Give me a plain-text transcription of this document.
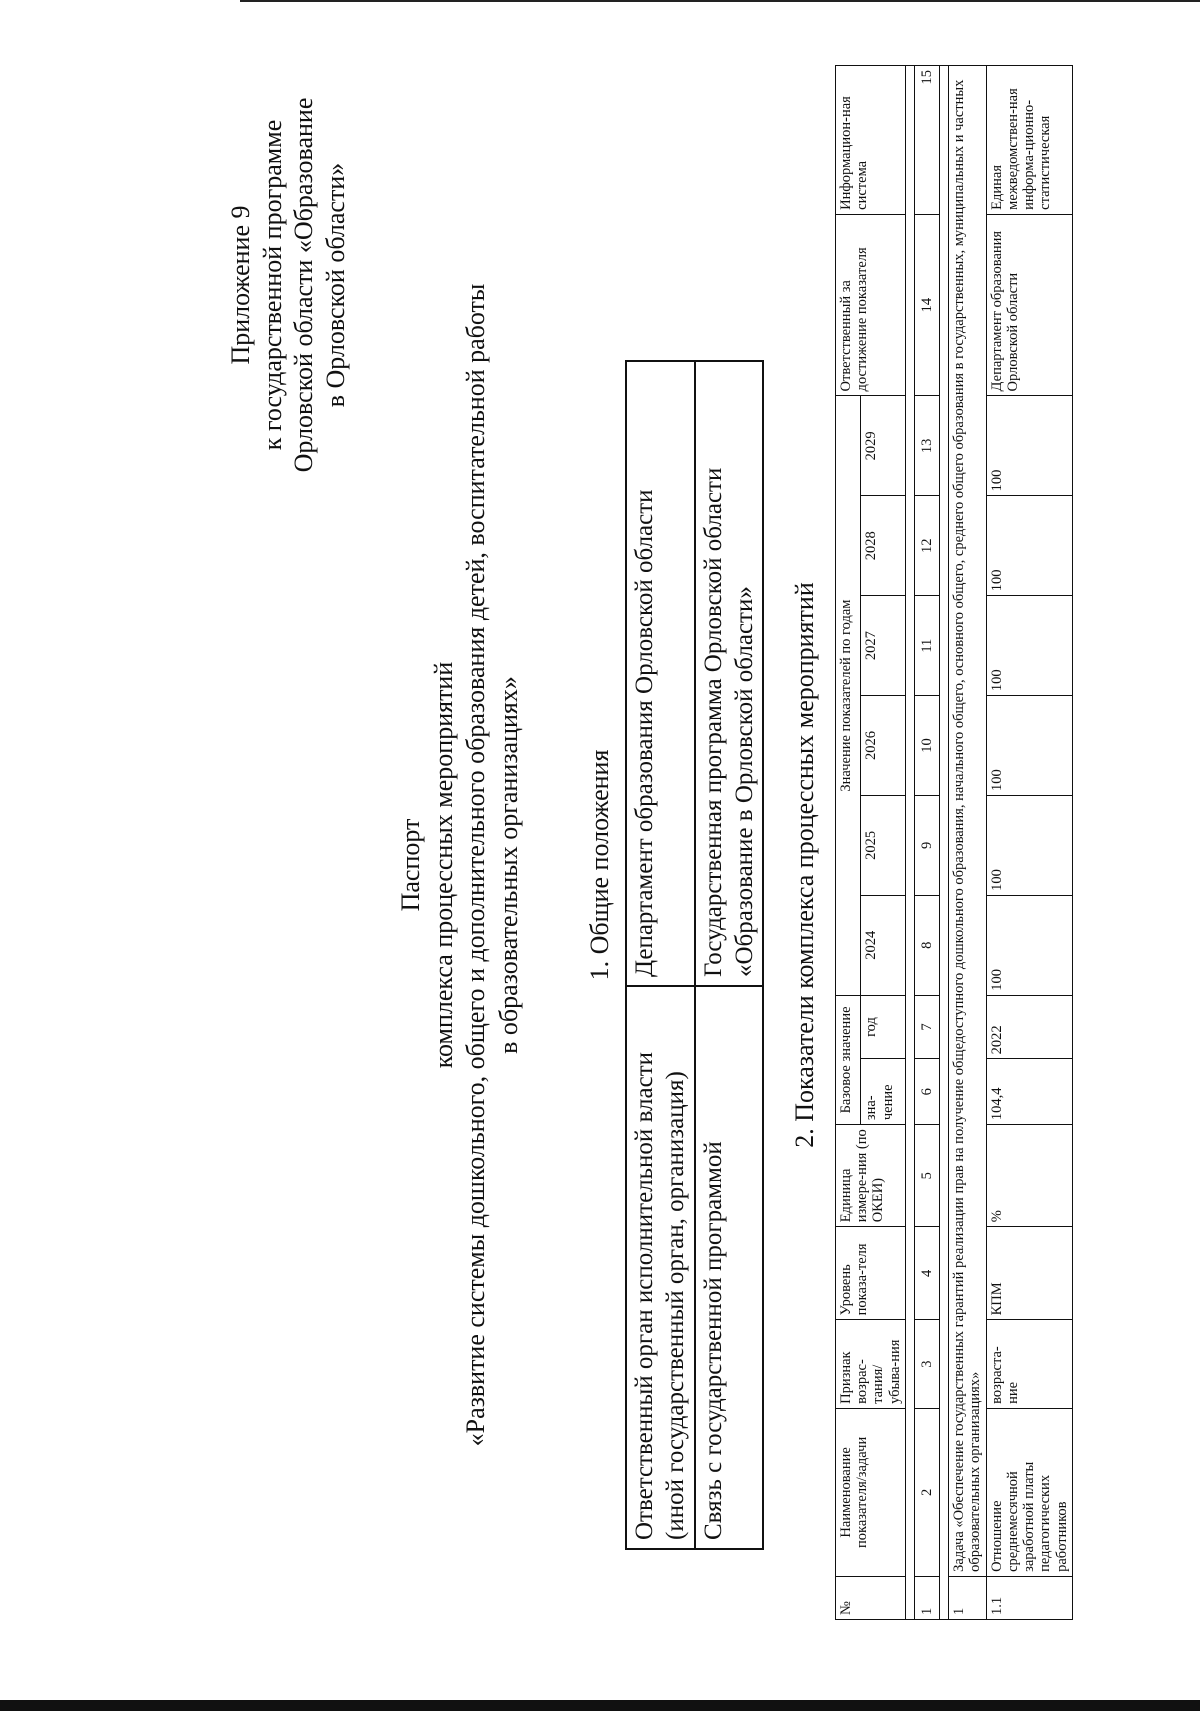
Приложение 9 к государственной программе Орловской области «Образование в Орловской области»
Паспорт комплекса процессных мероприятий «Развитие системы дошкольного, общего и дополнительного образования детей, воспитательной работы в образовательных организациях» 1. Общие положения
Ответственный орган исполнительной власти (иной государственный орган, организация)	Департамент образования Орловской области
Связь с государственной программой	Государственная программа Орловской области «Образование в Орловской области» 2. Показатели комплекса процессных мероприятий
№	Наименование показателя/задачи	Признак возрас-тания/ убыва-ния	Уровень показа-теля	Единица измере-ния (по ОКЕИ)	Базовое значение		Значение показателей по годам						Ответственный за достижение показателя	Информацион-ная система
					зна-чение	год	2024	2025	2026	2027	2028	2029		

1	2	3	4	5	6	7	8	9	10	11	12	13	14	15

1	Задача «Обеспечение государственных гарантий реализации прав на получение общедоступного дошкольного образования, начального общего, основного общего, среднего общего образования в государственных, муниципальных и частных образовательных организациях»													
1.1	Отношение среднемесячной заработной платы педагогических работников	возраста-ние	КПМ	%	104,4	2022	100	100	100	100	100	100	Департамент образования Орловской области	Единая межведомствен-ная информа-ционно-статистическая
